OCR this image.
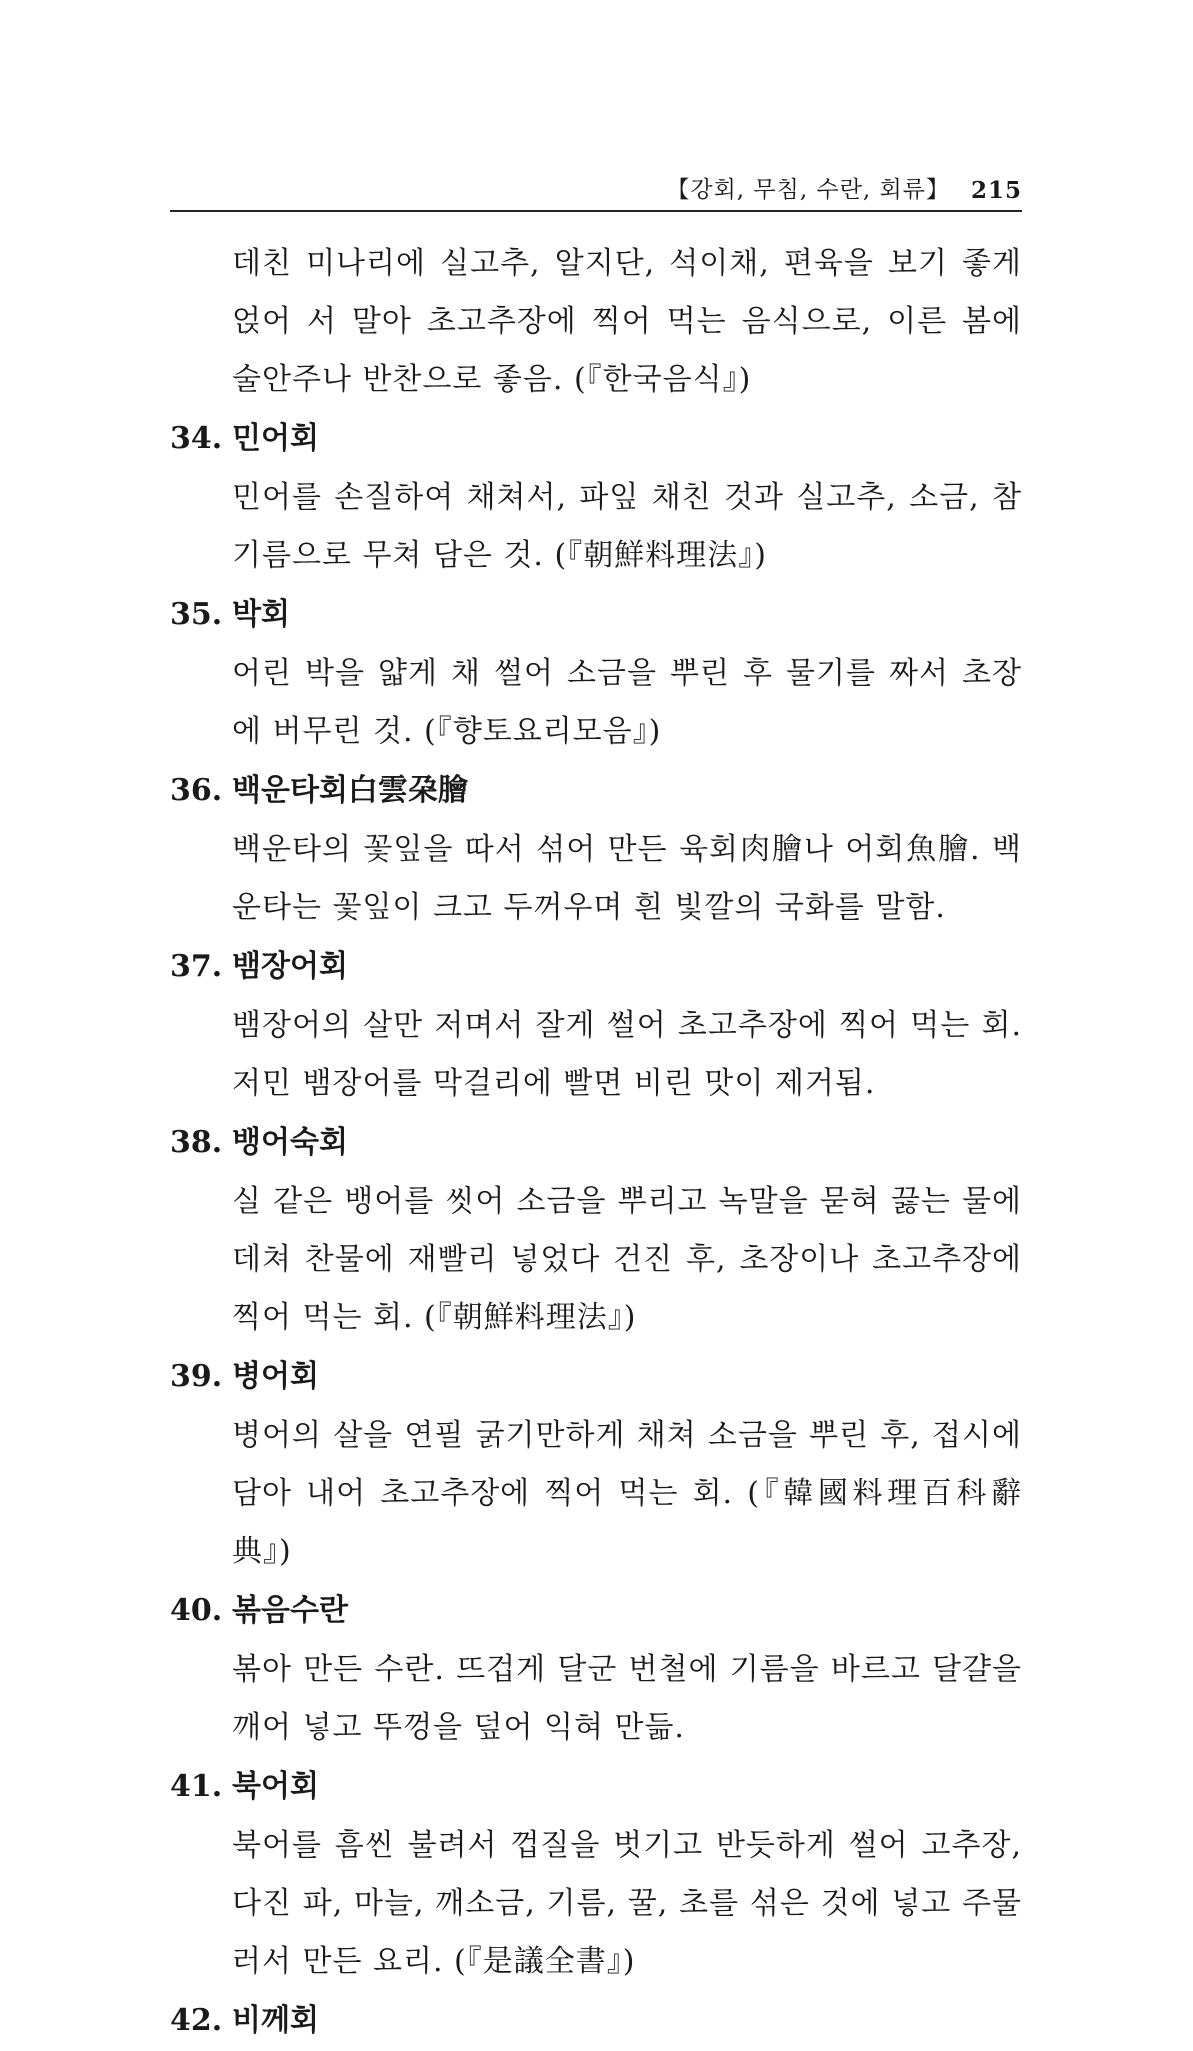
【강회, 무침, 수란, 회류】 215

데친 미나리에 실고추, 알지단, 석이채, 편육을 보기 좋게 얹어 서 말아 초고추장에 찍어 먹는 음식으로, 이른 봄에 술안주나 반찬으로 좋음. (『한국음식』)

34. 민어회

민어를 손질하여 채쳐서, 파잎 채친 것과 실고추, 소금, 참기름으로 무쳐 담은 것. (『朝鮮料理法』)

35. 박회

어린 박을 얇게 채 썰어 소금을 뿌린 후 물기를 짜서 초장에 버무린 것. (『향토요리모음』)

36. 백운타회白雲朶膾

백운타의 꽃잎을 따서 섞어 만든 육회肉膾나 어회魚膾. 백운타는 꽃잎이 크고 두꺼우며 흰 빛깔의 국화를 말함.

37. 뱀장어회

뱀장어의 살만 저며서 잘게 썰어 초고추장에 찍어 먹는 회. 저민 뱀장어를 막걸리에 빨면 비린 맛이 제거됨.

38. 뱅어숙회

실 같은 뱅어를 씻어 소금을 뿌리고 녹말을 묻혀 끓는 물에 데쳐 찬물에 재빨리 넣었다 건진 후, 초장이나 초고추장에 찍어 먹는 회. (『朝鮮料理法』)

39. 병어회

병어의 살을 연필 굵기만하게 채쳐 소금을 뿌린 후, 접시에 담아 내어 초고추장에 찍어 먹는 회. (『韓國料理百科辭典』)

40. 볶음수란

볶아 만든 수란. 뜨겁게 달군 번철에 기름을 바르고 달걀을 깨어 넣고 뚜껑을 덮어 익혀 만듦.

41. 북어회

북어를 흠씬 불려서 껍질을 벗기고 반듯하게 썰어 고추장, 다진 파, 마늘, 깨소금, 기름, 꿀, 초를 섞은 것에 넣고 주물러서 만든 요리. (『是議全書』)

42. 비께회
